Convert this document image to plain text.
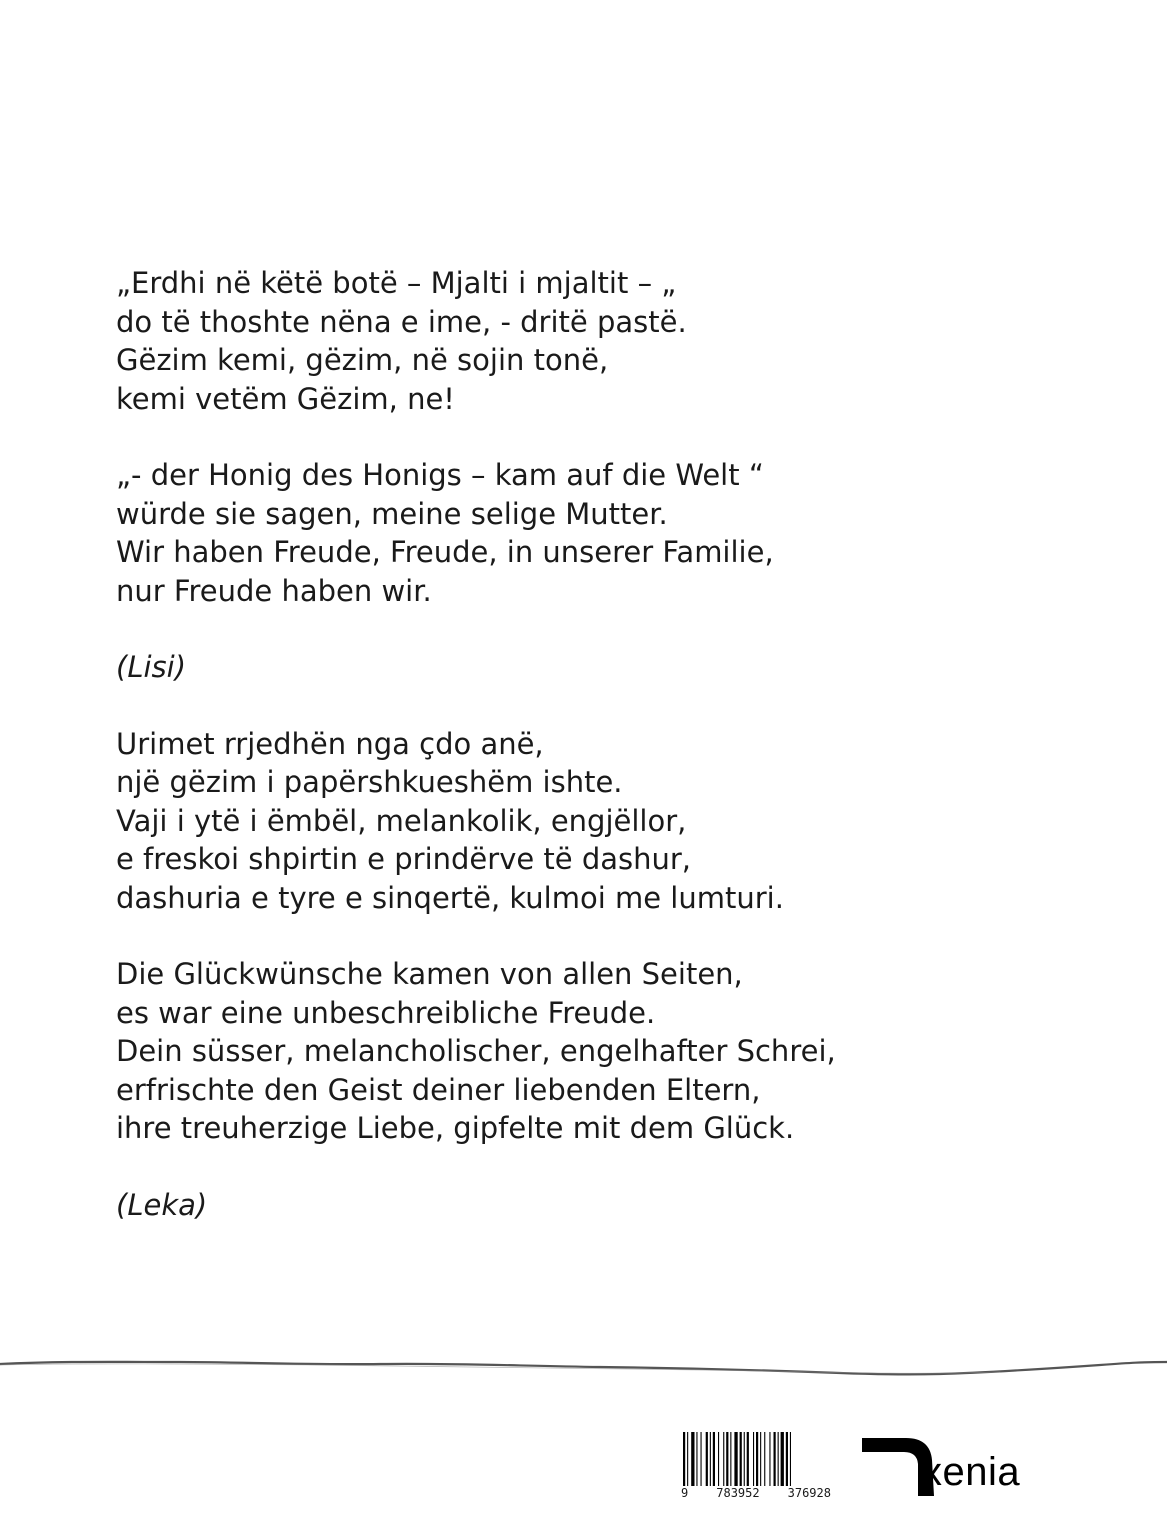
„Erdhi në këtë botë – Mjalti i mjaltit – „
do të thoshte nëna e ime, - dritë pastë.
Gëzim kemi, gëzim, në sojin tonë,
kemi vetëm Gëzim, ne!
„- der Honig des Honigs – kam auf die Welt “
würde sie sagen, meine selige Mutter.
Wir haben Freude, Freude, in unserer Familie,
nur Freude haben wir.
(Lisi)
Urimet rrjedhën nga çdo anë,
një gëzim i papërshkueshëm ishte.
Vaji i ytë i ëmbël, melankolik, engjëllor,
e freskoi shpirtin e prindërve të dashur,
dashuria e tyre e sinqertë, kulmoi me lumturi.
Die Glückwünsche kamen von allen Seiten,
es war eine unbeschreibliche Freude.
Dein süsser, melancholischer, engelhafter Schrei,
erfrischte den Geist deiner liebenden Eltern,
ihre treuherzige Liebe, gipfelte mit dem Glück.
(Leka)
9 783952 376928 xenia
